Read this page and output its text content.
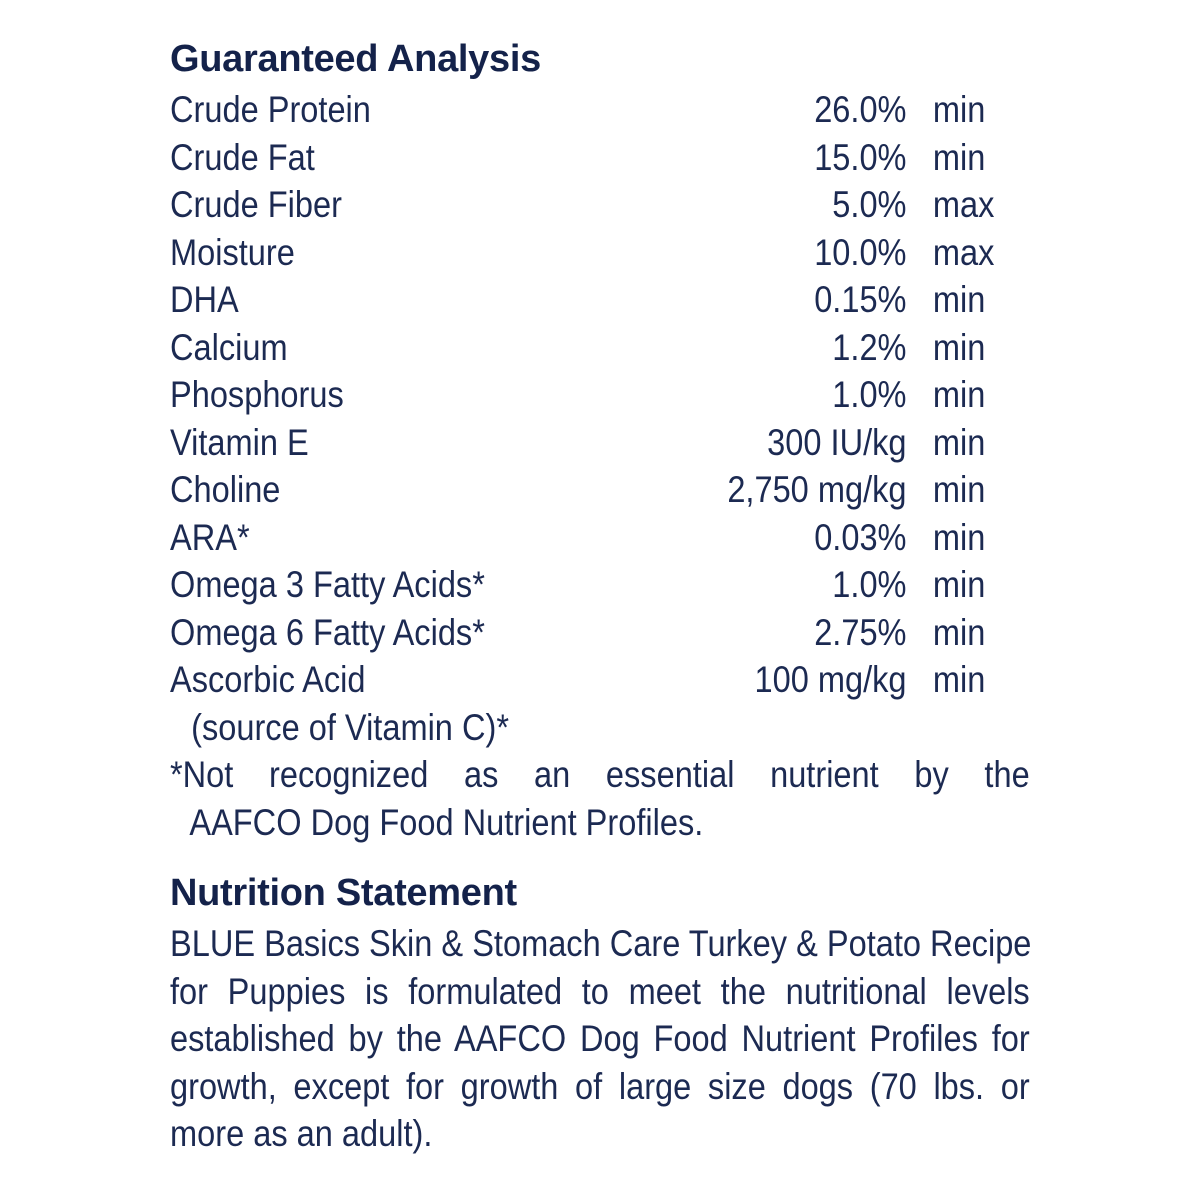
Guaranteed Analysis
Crude Protein	26.0% min
Crude Fat	15.0% min
Crude Fiber	5.0% max
Moisture	10.0% max
DHA	0.15% min
Calcium	1.2% min
Phosphorus	1.0% min
Vitamin E	300 IU/kg min
Choline	2,750 mg/kg min
ARA*	0.03% min
Omega 3 Fatty Acids*	1.0% min
Omega 6 Fatty Acids*	2.75% min
Ascorbic Acid	100 mg/kg min
(source of Vitamin C)*
*Not recognized as an essential nutrient by the
AAFCO Dog Food Nutrient Profiles.
Nutrition Statement
BLUE Basics Skin & Stomach Care Turkey & Potato Recipe
for Puppies is formulated to meet the nutritional levels
established by the AAFCO Dog Food Nutrient Profiles for
growth, except for growth of large size dogs (70 lbs. or
more as an adult).
